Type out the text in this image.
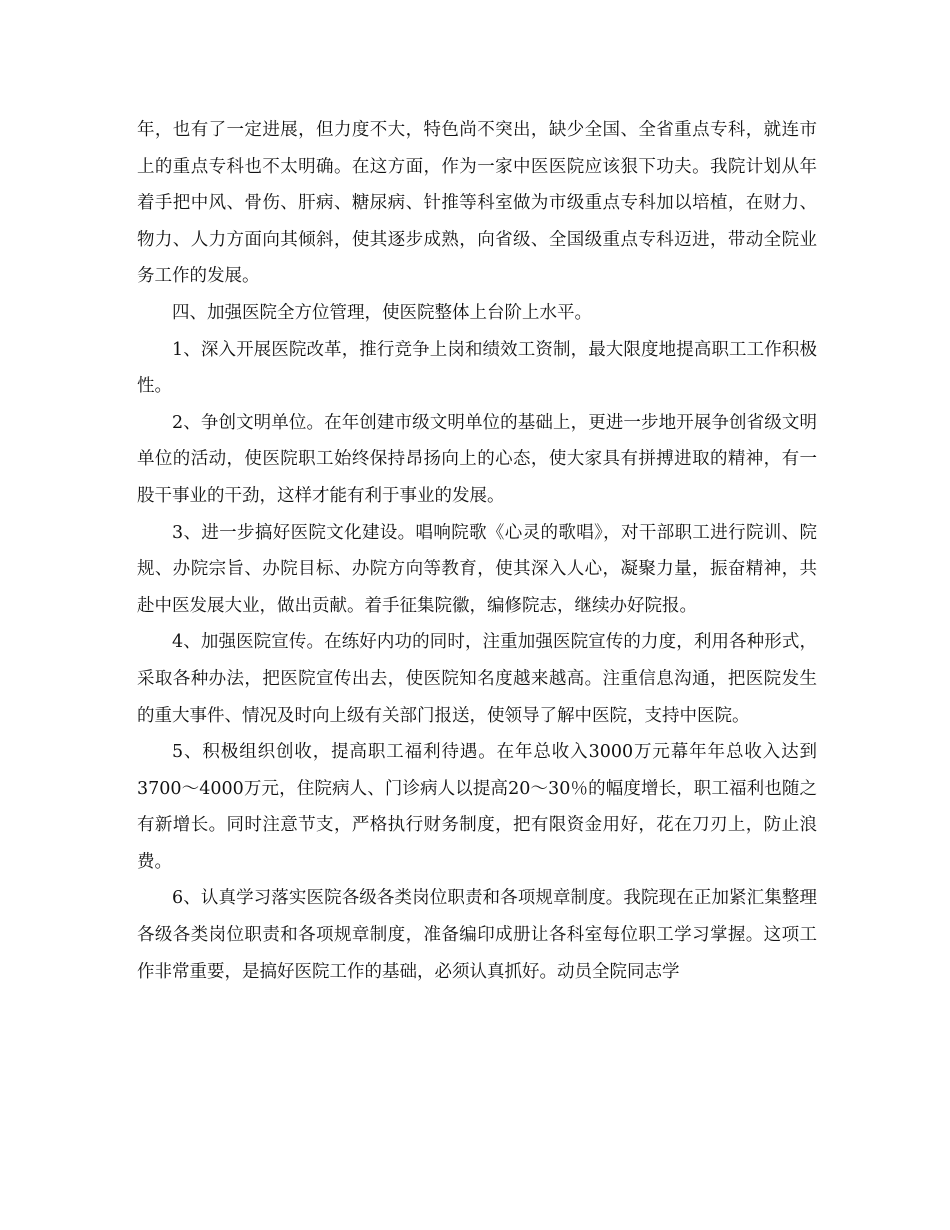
年，也有了一定进展，但力度不大，特色尚不突出，缺少全国、全省重点专科，就连市上的重点专科也不太明确。在这方面，作为一家中医医院应该狠下功夫。我院计划从年着手把中风、骨伤、肝病、糖尿病、针推等科室做为市级重点专科加以培植，在财力、物力、人力方面向其倾斜，使其逐步成熟，向省级、全国级重点专科迈进，带动全院业务工作的发展。

四、加强医院全方位管理，使医院整体上台阶上水平。

1、深入开展医院改革，推行竞争上岗和绩效工资制，最大限度地提高职工工作积极性。

2、争创文明单位。在年创建市级文明单位的基础上，更进一步地开展争创省级文明单位的活动，使医院职工始终保持昂扬向上的心态，使大家具有拼搏进取的精神，有一股干事业的干劲，这样才能有利于事业的发展。

3、进一步搞好医院文化建设。唱响院歌《心灵的歌唱》，对干部职工进行院训、院规、办院宗旨、办院目标、办院方向等教育，使其深入人心，凝聚力量，振奋精神，共赴中医发展大业，做出贡献。着手征集院徽，编修院志，继续办好院报。

4、加强医院宣传。在练好内功的同时，注重加强医院宣传的力度，利用各种形式，采取各种办法，把医院宣传出去，使医院知名度越来越高。注重信息沟通，把医院发生的重大事件、情况及时向上级有关部门报送，使领导了解中医院，支持中医院。

5、积极组织创收，提高职工福利待遇。在年总收入3000万元幕年年总收入达到3700～4000万元，住院病人、门诊病人以提高20～30％的幅度增长，职工福利也随之有新增长。同时注意节支，严格执行财务制度，把有限资金用好，花在刀刃上，防止浪费。

6、认真学习落实医院各级各类岗位职责和各项规章制度。我院现在正加紧汇集整理各级各类岗位职责和各项规章制度，准备编印成册让各科室每位职工学习掌握。这项工作非常重要，是搞好医院工作的基础，必须认真抓好。动员全院同志学
